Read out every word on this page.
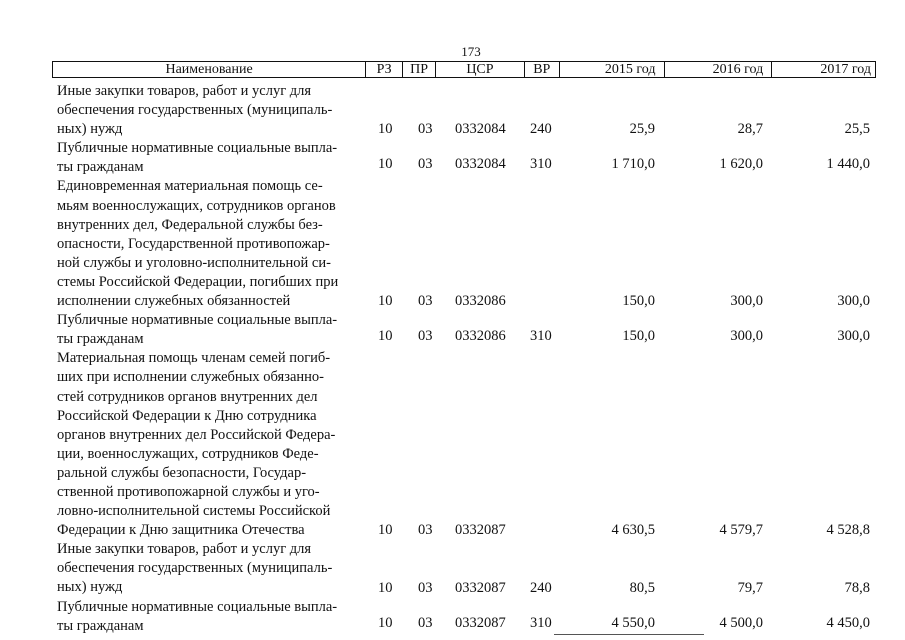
173
Наименование	РЗ	ПР	ЦСР	ВР	2015 год	2016 год	2017 год
Иные закупки товаров, работ и услуг для
обеспечения государственных (муниципаль-
ных) нужд	10 03 0332084 240	25,9	28,7	25,5
Публичные нормативные социальные выпла-
ты гражданам	10 03 0332084 310	1 710,0	1 620,0	1 440,0
Единовременная материальная помощь се-
мьям военнослужащих, сотрудников органов
внутренних дел, Федеральной службы без-
опасности, Государственной противопожар-
ной службы и уголовно-исполнительной си-
стемы Российской Федерации, погибших при
исполнении служебных обязанностей	10 03 0332086	150,0	300,0	300,0
Публичные нормативные социальные выпла-
ты гражданам	10 03 0332086 310	150,0	300,0	300,0
Материальная помощь членам семей погиб-
ших при исполнении служебных обязанно-
стей сотрудников органов внутренних дел
Российской Федерации к Дню сотрудника
органов внутренних дел Российской Федера-
ции, военнослужащих, сотрудников Феде-
ральной службы безопасности, Государ-
ственной противопожарной службы и уго-
ловно-исполнительной системы Российской
Федерации к Дню защитника Отечества	10 03 0332087	4 630,5	4 579,7	4 528,8
Иные закупки товаров, работ и услуг для
обеспечения государственных (муниципаль-
ных) нужд	10 03 0332087 240	80,5	79,7	78,8
Публичные нормативные социальные выпла-
ты гражданам	10 03 0332087 310	4 550,0	4 500,0	4 450,0
